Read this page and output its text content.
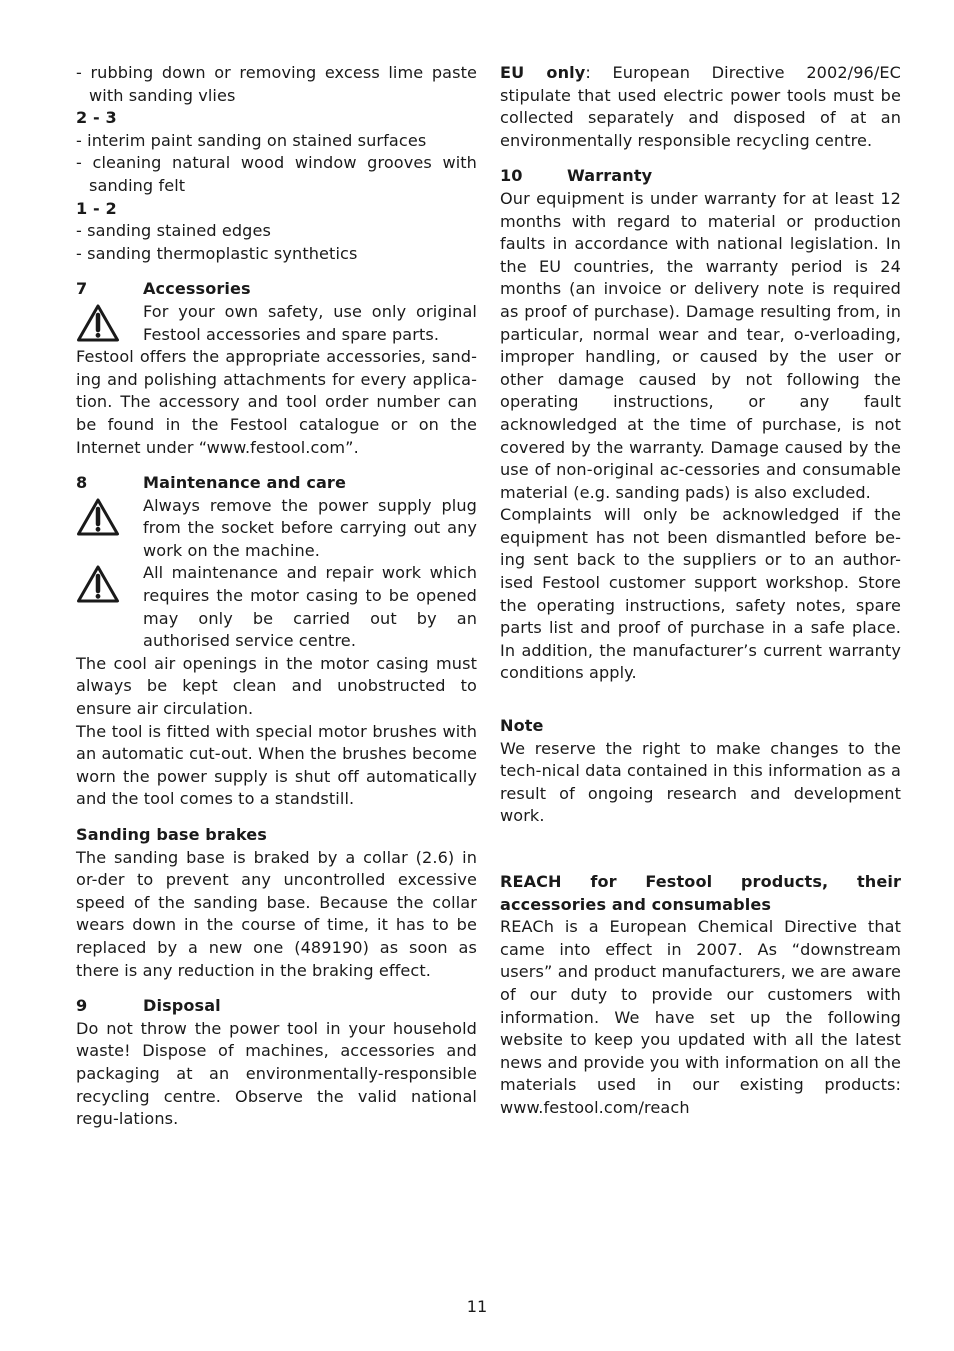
- rubbing down or removing excess lime paste with sanding vlies

2 - 3

- interim paint sanding on stained surfaces

- cleaning natural wood window grooves with sanding felt

1 - 2

- sanding stained edges

- sanding thermoplastic synthetics

7	Accessories

For your own safety, use only original Festool accessories and spare parts.

Festool offers the appropriate accessories, sand-ing and polishing attachments for every applica-tion. The accessory and tool order number can be found in the Festool catalogue or on the Internet under “www.festool.com”.

8	Maintenance and care

Always remove the power supply plug from the socket before carrying out any work on the machine.

All maintenance and repair work which requires the motor casing to be opened may only be carried out by an authorised service centre.

The cool air openings in the motor casing must always be kept clean and unobstructed to ensure air circulation.

The tool is fitted with special motor brushes with an automatic cut-out. When the brushes become worn the power supply is shut off automatically and the tool comes to a standstill.

Sanding base brakes

The sanding base is braked by a collar (2.6) in or-der to prevent any uncontrolled excessive speed of the sanding base. Because the collar wears down in the course of time, it has to be replaced by a new one (489190) as soon as there is any reduction in the braking effect.

9	Disposal

Do not throw the power tool in your household waste! Dispose of machines, accessories and packaging at an environmentally-responsible recycling centre. Observe the valid national regu-lations.

EU only: European Directive 2002/96/EC stipulate that used electric power tools must be collected separately and disposed of at an environmentally responsible recycling centre.

10	Warranty

Our equipment is under warranty for at least 12 months with regard to material or production faults in accordance with national legislation. In the EU countries, the warranty period is 24 months (an invoice or delivery note is required as proof of purchase). Damage resulting from, in particular, normal wear and tear, o-verloading, improper handling, or caused by the user or other damage caused by not following the operating instructions, or any fault acknowledged at the time of purchase, is not covered by the warranty. Damage caused by the use of non-original ac-cessories and consumable material (e.g. sanding pads) is also excluded.

Complaints will only be acknowledged if the equipment has not been dismantled before be-ing sent back to the suppliers or to an author-ised Festool customer support workshop. Store the operating instructions, safety notes, spare parts list and proof of purchase in a safe place. In addition, the manufacturer’s current warranty conditions apply.

Note

We reserve the right to make changes to the tech-nical data contained in this information as a result of ongoing research and development work.

REACH for Festool products, their accessories and consumables

REACh is a European Chemical Directive that came into effect in 2007. As “downstream users” and product manufacturers, we are aware of our duty to provide our customers with information. We have set up the following website to keep you updated with all the latest news and provide you with information on all the materials used in our existing products: www.festool.com/reach

11
